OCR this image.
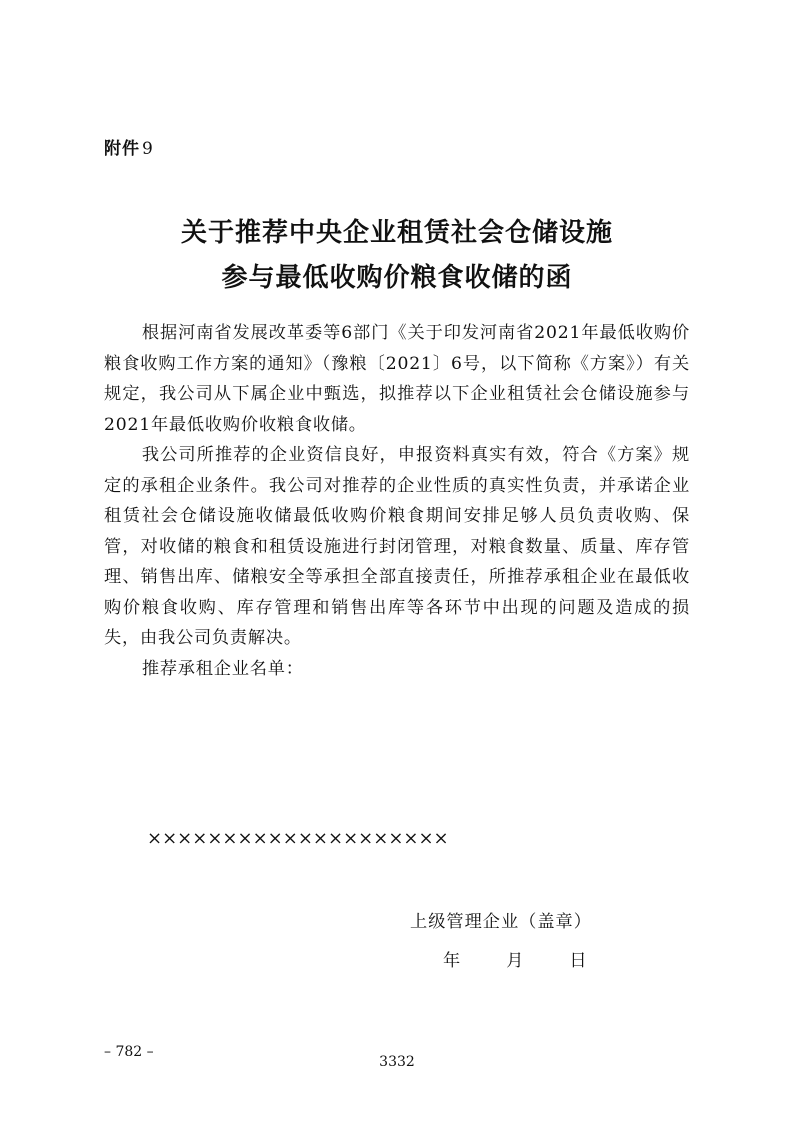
附件 9
关于推荐中央企业租赁社会仓储设施
参与最低收购价粮食收储的函

根据河南省发展改革委等6部门《关于印发河南省2021年最低收购价粮食收购工作方案的通知》（豫粮〔2021〕6号，以下简称《方案》）有关规定，我公司从下属企业中甄选，拟推荐以下企业租赁社会仓储设施参与2021年最低收购价收粮食收储。

我公司所推荐的企业资信良好，申报资料真实有效，符合《方案》规定的承租企业条件。我公司对推荐的企业性质的真实性负责，并承诺企业租赁社会仓储设施收储最低收购价粮食期间安排足够人员负责收购、保管，对收储的粮食和租赁设施进行封闭管理，对粮食数量、质量、库存管理、销售出库、储粮安全等承担全部直接责任，所推荐承租企业在最低收购价粮食收购、库存管理和销售出库等各环节中出现的问题及造成的损失，由我公司负责解决。

推荐承租企业名单：

××××××××××××××××××××
上级管理企业（盖章）
年	月	日
– 782 –
3332
